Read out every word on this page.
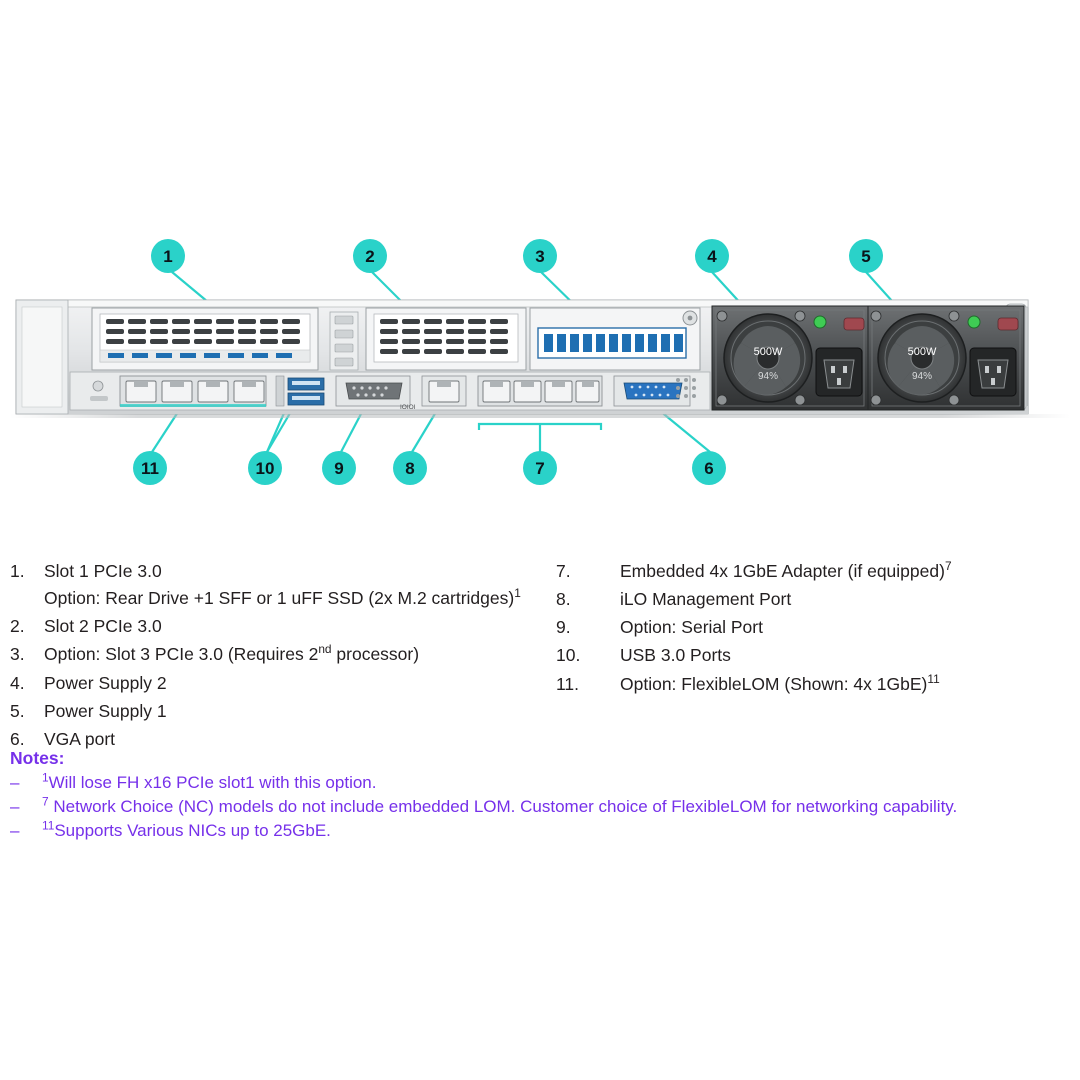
IOIOI
500W
94%
500W
94%
1	2	3	4	5
11	10	9	8	7	6
1.	Slot 1 PCIe 3.0
Option: Rear Drive +1 SFF or 1 uFF SSD (2x M.2 cartridges)$^1$
2.	Slot 2 PCIe 3.0
3.	Option: Slot 3 PCIe 3.0 (Requires 2nd processor)
4.	Power Supply 2
5.	Power Supply 1
6.	VGA port
7.	Embedded 4x 1GbE Adapter (if equipped)$^7$
8.	iLO Management Port
9.	Option: Serial Port
10.	USB 3.0 Ports
11.	Option: FlexibleLOM (Shown: 4x 1GbE)$^{11}$
Notes:
–	$^1$Will lose FH x16 PCIe slot1 with this option.
–	$^7$ Network Choice (NC) models do not include embedded LOM. Customer choice of FlexibleLOM for networking capability.
–	$^{11}$Supports Various NICs up to 25GbE.
